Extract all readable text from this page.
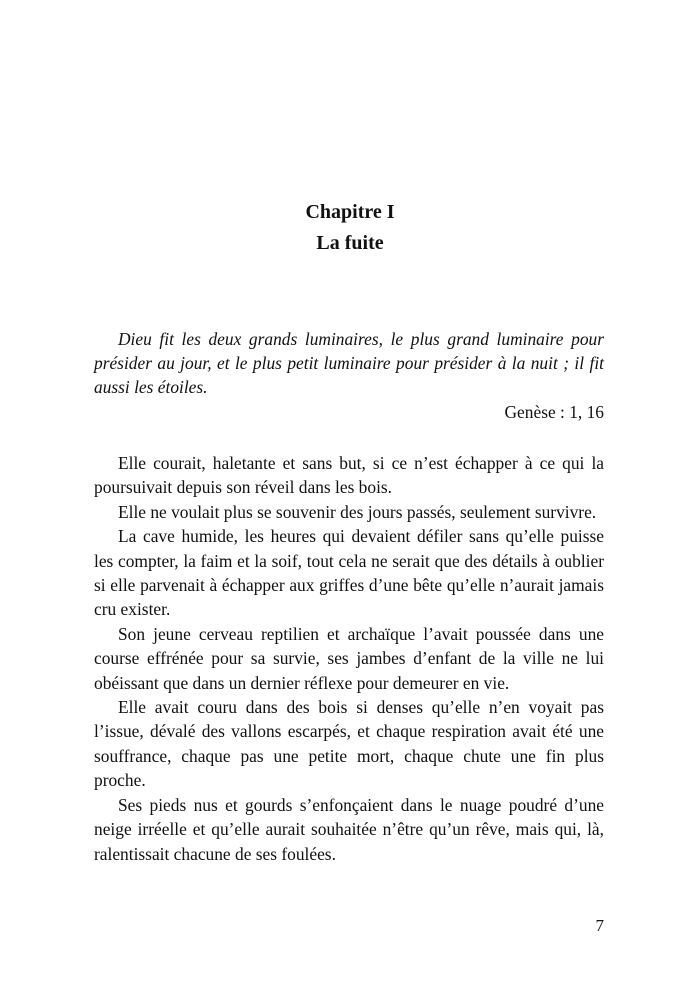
Chapitre I
La fuite

Dieu fit les deux grands luminaires, le plus grand luminaire pour présider au jour, et le plus petit luminaire pour présider à la nuit ; il fit aussi les étoiles.

Genèse : 1, 16

Elle courait, haletante et sans but, si ce n’est échapper à ce qui la poursuivait depuis son réveil dans les bois.

Elle ne voulait plus se souvenir des jours passés, seulement survivre.

La cave humide, les heures qui devaient défiler sans qu’elle puisse les compter, la faim et la soif, tout cela ne serait que des détails à oublier si elle parvenait à échapper aux griffes d’une bête qu’elle n’aurait jamais cru exister.

Son jeune cerveau reptilien et archaïque l’avait poussée dans une course effrénée pour sa survie, ses jambes d’enfant de la ville ne lui obéissant que dans un dernier réflexe pour demeurer en vie.

Elle avait couru dans des bois si denses qu’elle n’en voyait pas l’issue, dévalé des vallons escarpés, et chaque respiration avait été une souffrance, chaque pas une petite mort, chaque chute une fin plus proche.

Ses pieds nus et gourds s’enfonçaient dans le nuage poudré d’une neige irréelle et qu’elle aurait souhaitée n’être qu’un rêve, mais qui, là, ralentissait chacune de ses foulées.

7
